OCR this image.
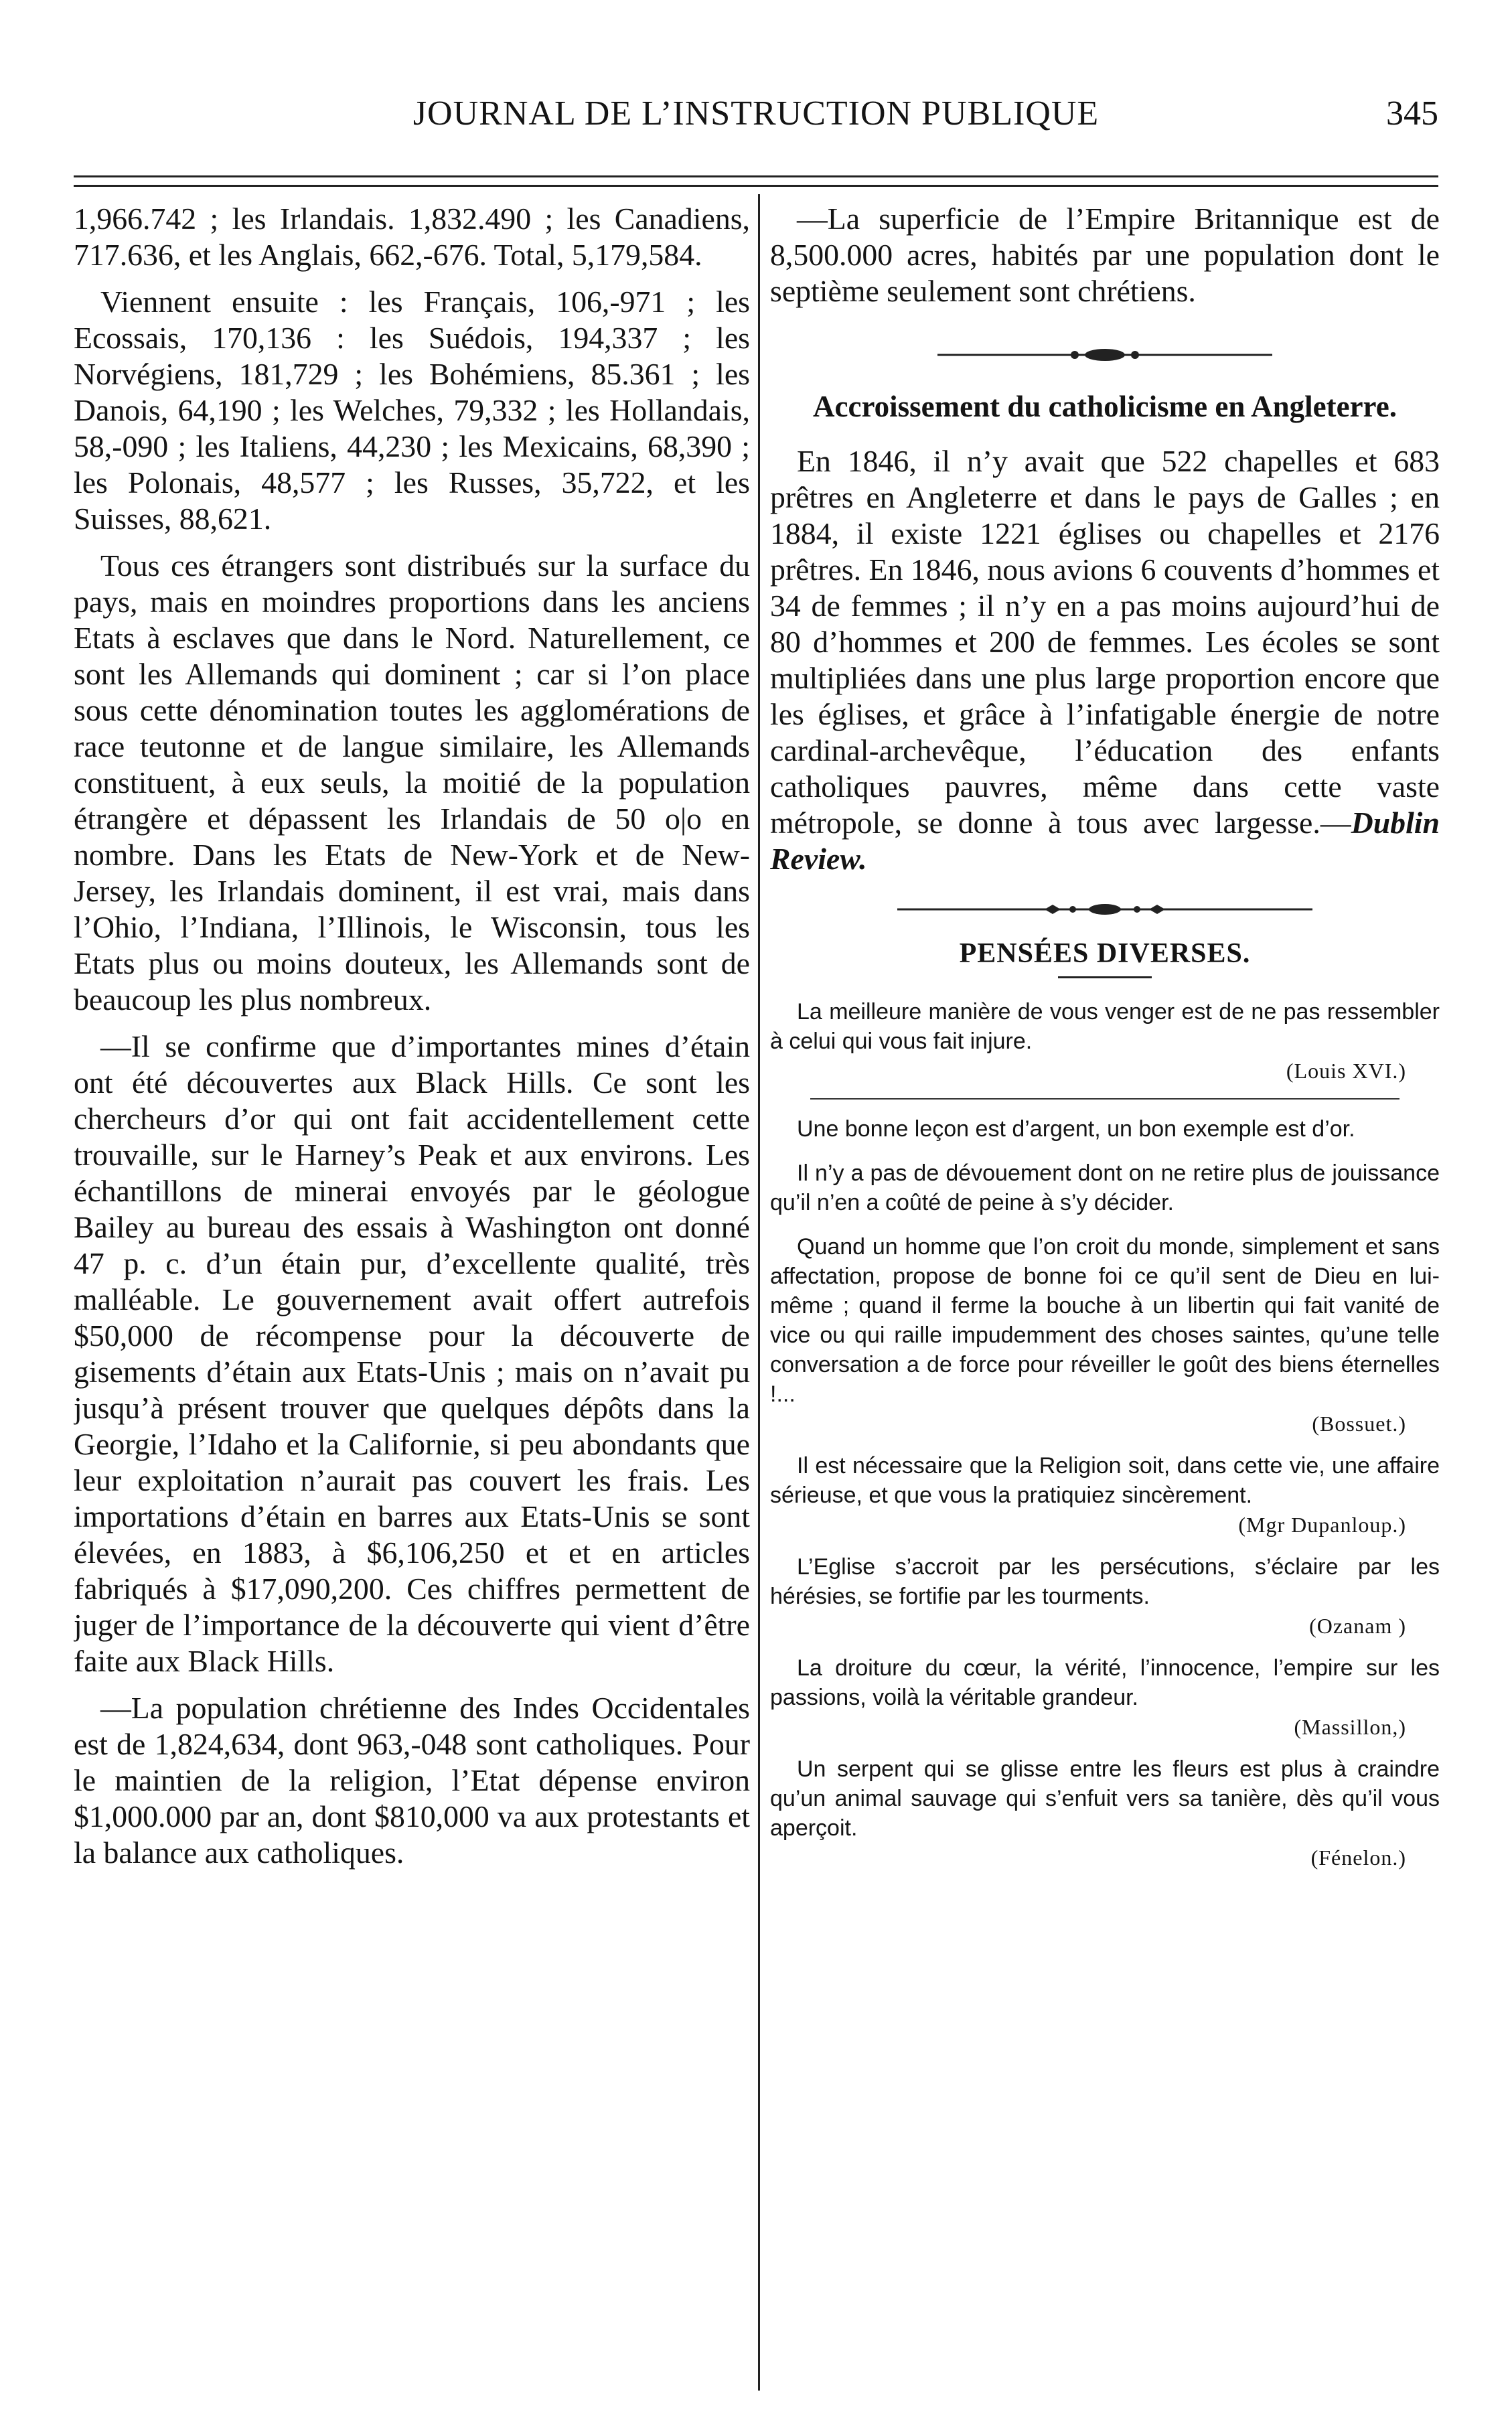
JOURNAL DE L’INSTRUCTION PUBLIQUE	345

1,966.742 ; les Irlandais. 1,832.490 ; les Canadiens, 717.636, et les Anglais, 662,-676. Total, 5,179,584.

Viennent ensuite : les Français, 106,-971 ; les Ecossais, 170,136 : les Suédois, 194,337 ; les Norvégiens, 181,729 ; les Bohémiens, 85.361 ; les Danois, 64,190 ; les Welches, 79,332 ; les Hollandais, 58,-090 ; les Italiens, 44,230 ; les Mexicains, 68,390 ; les Polonais, 48,577 ; les Russes, 35,722, et les Suisses, 88,621.

Tous ces étrangers sont distribués sur la surface du pays, mais en moindres proportions dans les anciens Etats à esclaves que dans le Nord. Naturellement, ce sont les Allemands qui dominent ; car si l’on place sous cette dénomination toutes les agglomérations de race teutonne et de langue similaire, les Allemands constituent, à eux seuls, la moitié de la population étrangère et dépassent les Irlandais de 50 o|o en nombre. Dans les Etats de New-York et de New-Jersey, les Irlandais dominent, il est vrai, mais dans l’Ohio, l’Indiana, l’Illinois, le Wisconsin, tous les Etats plus ou moins douteux, les Allemands sont de beaucoup les plus nombreux.

—Il se confirme que d’importantes mines d’étain ont été découvertes aux Black Hills. Ce sont les chercheurs d’or qui ont fait accidentellement cette trouvaille, sur le Harney’s Peak et aux environs. Les échantillons de minerai envoyés par le géologue Bailey au bureau des essais à Washington ont donné 47 p. c. d’un étain pur, d’excellente qualité, très malléable. Le gouvernement avait offert autrefois $50,000 de récompense pour la découverte de gisements d’étain aux Etats-Unis ; mais on n’avait pu jusqu’à présent trouver que quelques dépôts dans la Georgie, l’Idaho et la Californie, si peu abondants que leur exploitation n’aurait pas couvert les frais. Les importations d’étain en barres aux Etats-Unis se sont élevées, en 1883, à $6,106,250 et et en articles fabriqués à $17,090,200. Ces chiffres permettent de juger de l’importance de la découverte qui vient d’être faite aux Black Hills.

—La population chrétienne des Indes Occidentales est de 1,824,634, dont 963,-048 sont catholiques. Pour le maintien de la religion, l’Etat dépense environ $1,000.000 par an, dont $810,000 va aux protestants et la balance aux catholiques.

—La superficie de l’Empire Britannique est de 8,500.000 acres, habités par une population dont le septième seulement sont chrétiens.

Accroissement du catholicisme en Angleterre.

En 1846, il n’y avait que 522 chapelles et 683 prêtres en Angleterre et dans le pays de Galles ; en 1884, il existe 1221 églises ou chapelles et 2176 prêtres. En 1846, nous avions 6 couvents d’hommes et 34 de femmes ; il n’y en a pas moins aujourd’hui de 80 d’hommes et 200 de femmes. Les écoles se sont multipliées dans une plus large proportion encore que les églises, et grâce à l’infatigable énergie de notre cardinal-archevêque, l’éducation des enfants catholiques pauvres, même dans cette vaste métropole, se donne à tous avec largesse.—Dublin Review.

PENSÉES DIVERSES.

La meilleure manière de vous venger est de ne pas ressembler à celui qui vous fait injure.

(Louis XVI.)

Une bonne leçon est d’argent, un bon exemple est d’or.

Il n’y a pas de dévouement dont on ne retire plus de jouissance qu’il n’en a coûté de peine à s’y décider.

Quand un homme que l’on croit du monde, simplement et sans affectation, propose de bonne foi ce qu’il sent de Dieu en lui-même ; quand il ferme la bouche à un libertin qui fait vanité de vice ou qui raille impudemment des choses saintes, qu’une telle conversation a de force pour réveiller le goût des biens éternelles !...

(Bossuet.)

Il est nécessaire que la Religion soit, dans cette vie, une affaire sérieuse, et que vous la pratiquiez sincèrement.

(Mgr Dupanloup.)

L’Eglise s’accroit par les persécutions, s’éclaire par les hérésies, se fortifie par les tourments.

(Ozanam )

La droiture du cœur, la vérité, l’innocence, l’empire sur les passions, voilà la véritable grandeur.

(Massillon,)

Un serpent qui se glisse entre les fleurs est plus à craindre qu’un animal sauvage qui s’enfuit vers sa tanière, dès qu’il vous aperçoit.

(Fénelon.)
